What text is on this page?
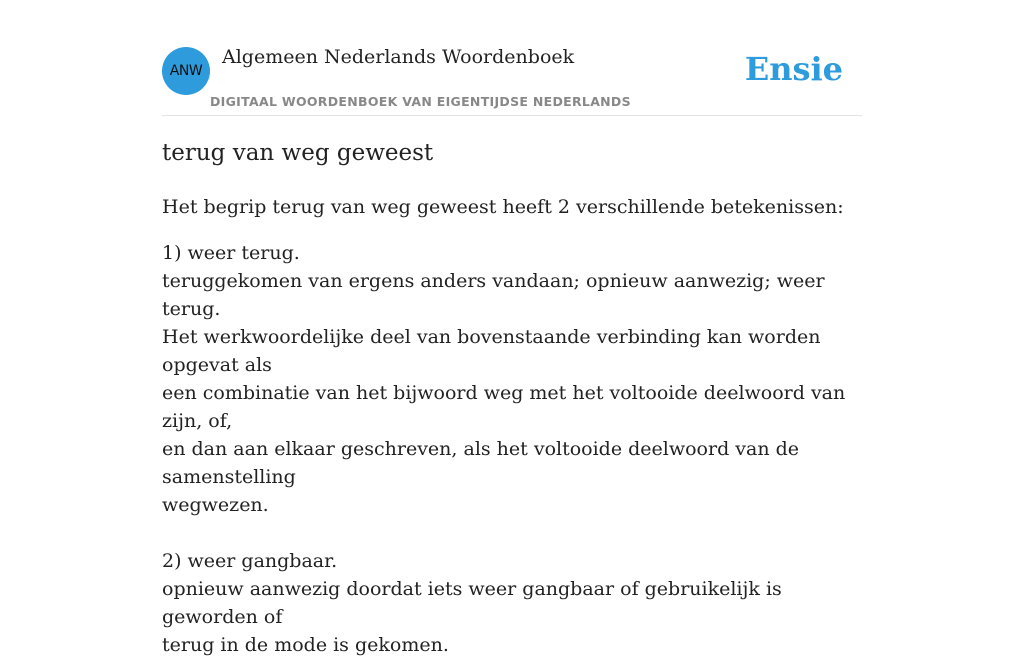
ANW
Algemeen Nederlands Woordenboek
DIGITAAL WOORDENBOEK VAN EIGENTIJDSE NEDERLANDS
Ensie
terug van weg geweest

Het begrip terug van weg geweest heeft 2 verschillende betekenissen:

1) weer terug.
teruggekomen van ergens anders vandaan; opnieuw aanwezig; weer terug.
Het werkwoordelijke deel van bovenstaande verbinding kan worden opgevat als
een combinatie van het bijwoord weg met het voltooide deelwoord van zijn, of,
en dan aan elkaar geschreven, als het voltooide deelwoord van de samenstelling
wegwezen.
2) weer gangbaar.
opnieuw aanwezig doordat iets weer gangbaar of gebruikelijk is geworden of
terug in de mode is gekomen.
